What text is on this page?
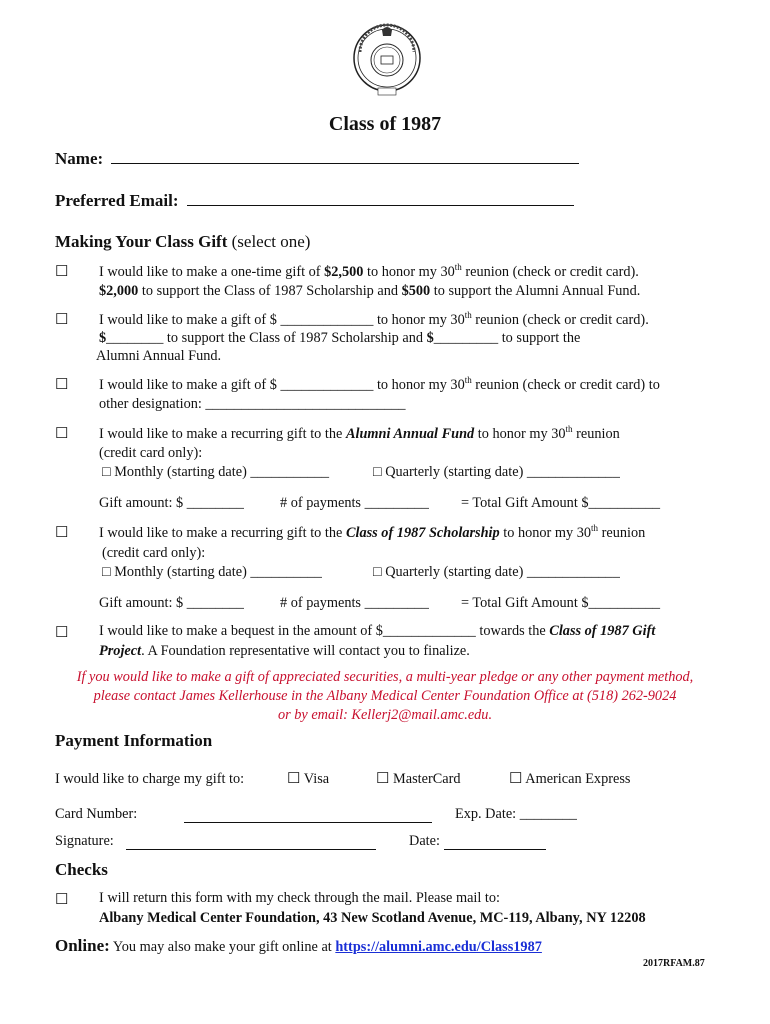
Class of 1987
Name:
Preferred Email:
Making Your Class Gift (select one)
☐ I would like to make a one-time gift of $2,500 to honor my 30th reunion (check or credit card).
$2,000 to support the Class of 1987 Scholarship and $500 to support the Alumni Annual Fund.
☐ I would like to make a gift of $ _____________ to honor my 30th reunion (check or credit card).
$________ to support the Class of 1987 Scholarship and $_________ to support the
Alumni Annual Fund.
☐ I would like to make a gift of $ _____________ to honor my 30th reunion (check or credit card) to
other designation: ____________________________
☐ I would like to make a recurring gift to the Alumni Annual Fund to honor my 30th reunion
(credit card only):
□ Monthly (starting date) ___________	□ Quarterly (starting date) _____________
Gift amount: $ ________	# of payments _________ = Total Gift Amount $__________
☐ I would like to make a recurring gift to the Class of 1987 Scholarship to honor my 30th reunion
(credit card only):
□ Monthly (starting date) __________	□ Quarterly (starting date) _____________
Gift amount: $ ________	# of payments _________ = Total Gift Amount $__________
☐ I would like to make a bequest in the amount of $_____________ towards the Class of 1987 Gift
Project. A Foundation representative will contact you to finalize.
If you would like to make a gift of appreciated securities, a multi-year pledge or any other payment method,
please contact James Kellerhouse in the Albany Medical Center Foundation Office at (518) 262-9024
or by email: Kellerj2@mail.amc.edu.
Payment Information
I would like to charge my gift to:	☐ Visa	☐ MasterCard	☐ American Express
Card Number:	Exp. Date: ________
Signature:	Date:
Checks
☐ I will return this form with my check through the mail. Please mail to:
Albany Medical Center Foundation, 43 New Scotland Avenue, MC-119, Albany, NY 12208
Online: You may also make your gift online at https://alumni.amc.edu/Class1987
2017RFAM.87
